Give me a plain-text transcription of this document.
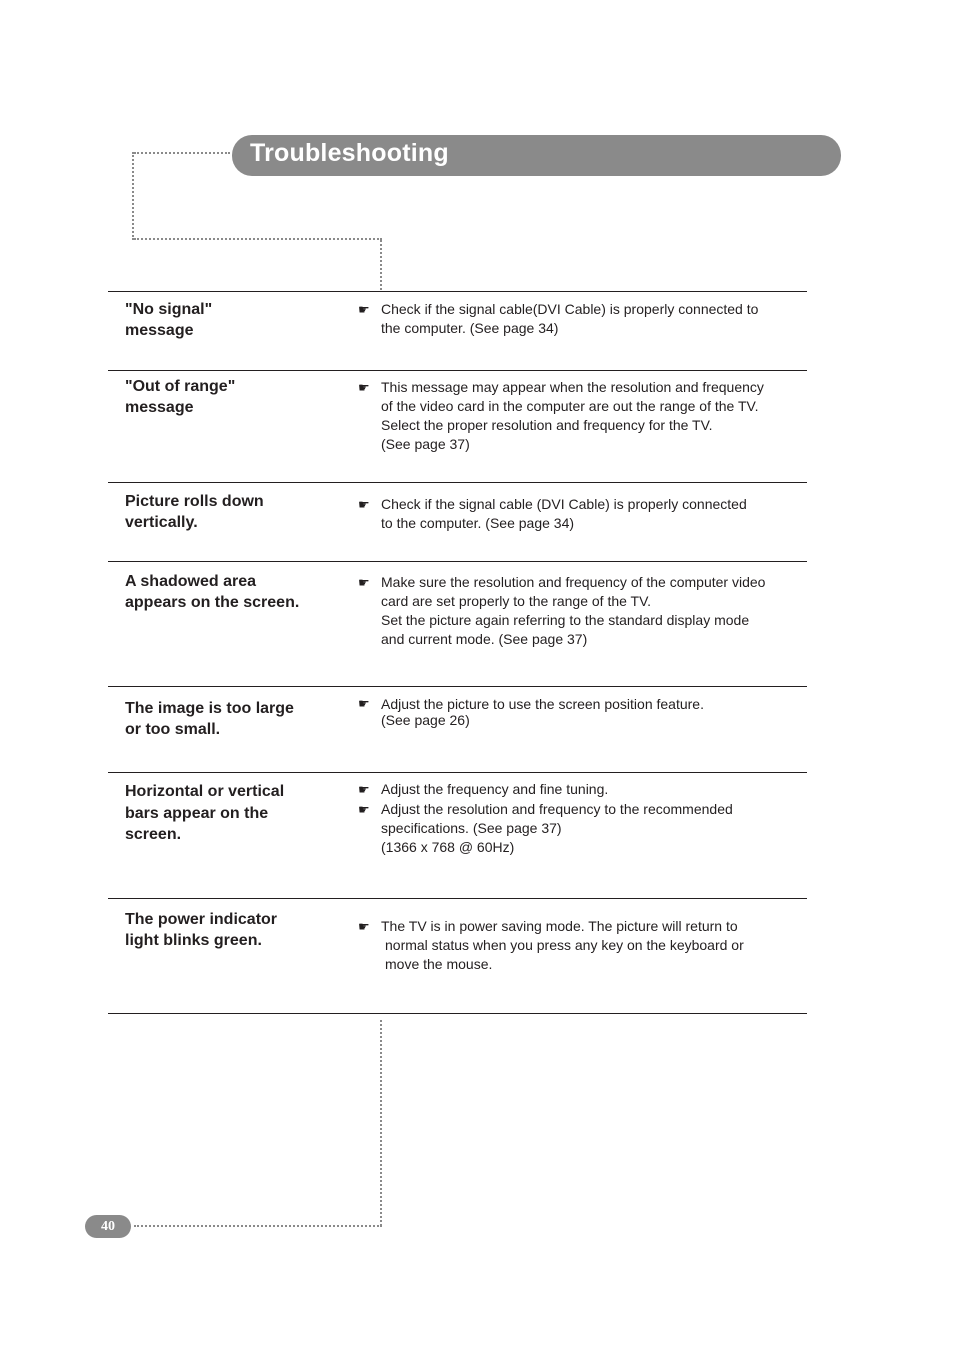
Troubleshooting
"No signal"
message
☛ Check if the signal cable(DVI Cable) is properly connected to
the computer. (See page 34)
"Out of range"
message
☛ This message may appear when the resolution and frequency
of the video card in the computer are out the range of the TV.
Select the proper resolution and frequency for the TV.
(See page 37)
Picture rolls down
vertically.
☛ Check if the signal cable (DVI Cable) is properly connected
to the computer. (See page 34)
A shadowed area
appears on the screen.
☛ Make sure the resolution and frequency of the computer video
card are set properly to the range of the TV.
Set the picture again referring to the standard display mode
and current mode. (See page 37)
The image is too large
or too small.
☛ Adjust the picture to use the screen position feature.
(See page 26)
Horizontal or vertical
bars appear on the
screen.
☛ Adjust the frequency and fine tuning.
☛ Adjust the resolution and frequency to the recommended
specifications. (See page 37)
(1366 x 768 @ 60Hz)
The power indicator
light blinks green.
☛ The TV is in power saving mode. The picture will return to
normal status when you press any key on the keyboard or
move the mouse.
40
